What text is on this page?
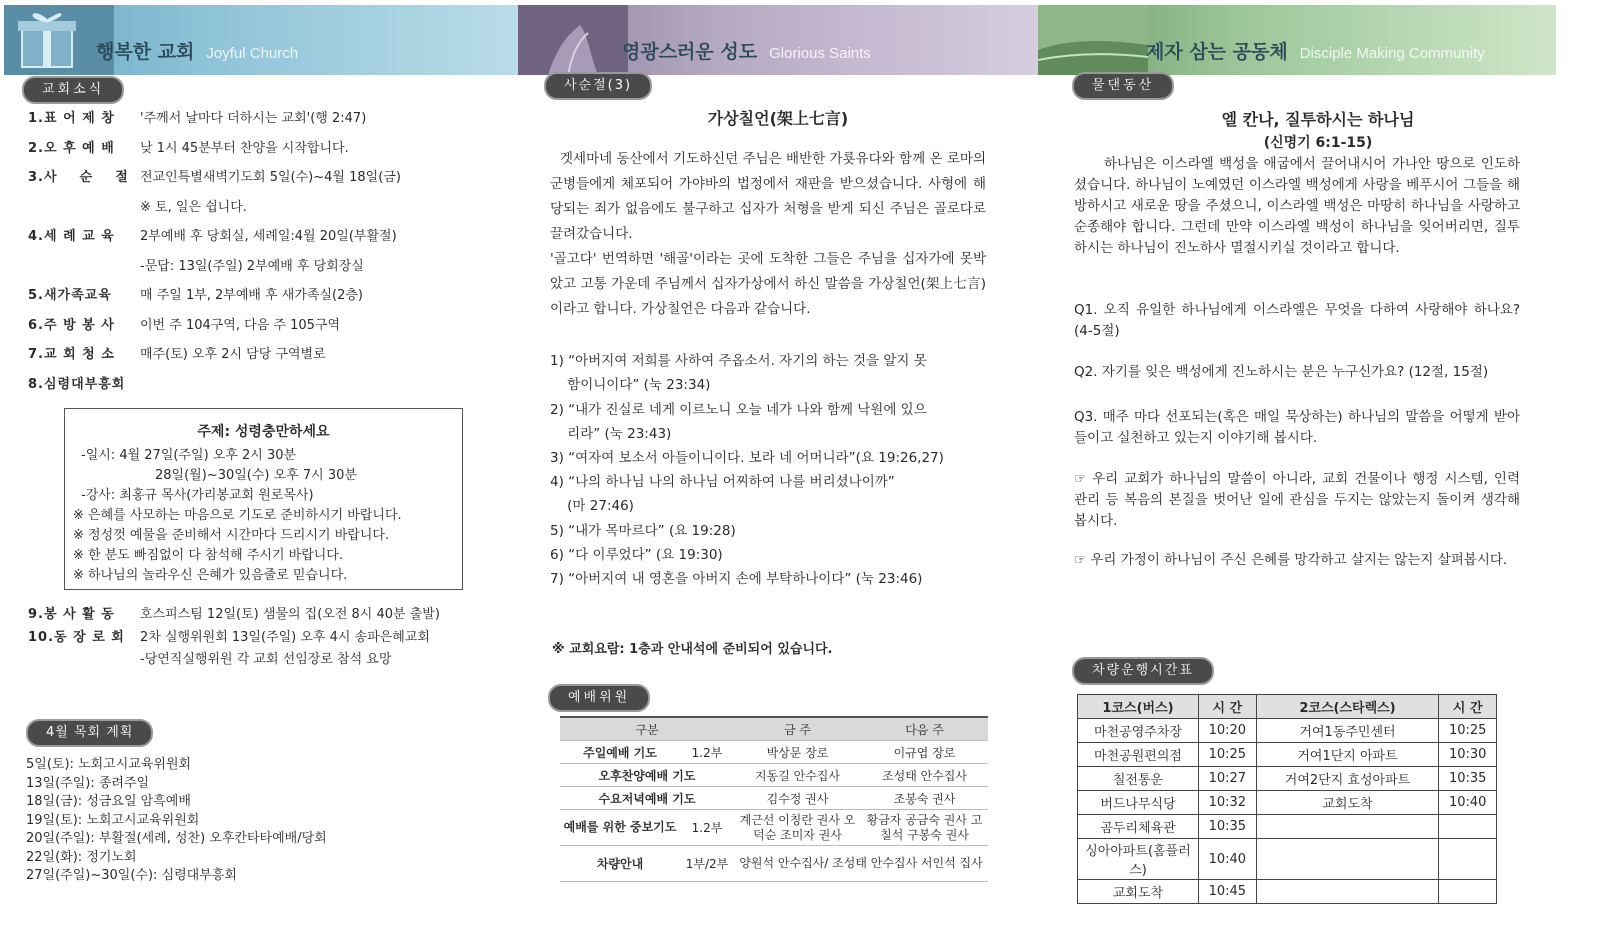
행복한 교회 Joyful Church
교회소식
1.표 어 제 창	'주께서 날마다 더하시는 교회'(행 2:47)
2.오 후 예 배	낮 1시 45분부터 찬양을 시작합니다.
3.사    순    절 전교인특별새벽기도회 5일(수)~4월 18일(금)
※ 토, 일은 쉽니다.
4.세 례 교 육	2부예배 후 당회실, 세례일:4월 20일(부활절)
-문답: 13일(주일) 2부예배 후 당회장실
5.새가족교육	매 주일 1부, 2부예배 후 새가족실(2층)
6.주 방 봉 사	이번 주 104구역, 다음 주 105구역
7.교 회 청 소	매주(토) 오후 2시 담당 구역별로
8.심령대부흥회
주제: 성령충만하세요
-일시: 4월 27일(주일) 오후 2시 30분
28일(월)~30일(수) 오후 7시 30분
-강사: 최홍규 목사(가리봉교회 원로목사)
※ 은혜를 사모하는 마음으로 기도로 준비하시기 바랍니다.
※ 정성껏 예물을 준비해서 시간마다 드리시기 바랍니다.
※ 한 분도 빠짐없이 다 참석해 주시기 바랍니다.
※ 하나님의 놀라우신 은혜가 있음줄로 믿습니다.
9.봉 사 활 동	호스피스팀 12일(토) 샘물의 집(오전 8시 40분 출발)
10.동 장 로 회	2차 실행위원회 13일(주일) 오후 4시 송파은혜교회
-당연직실행위원 각 교회 선임장로 참석 요망
4월 목회 계획
5일(토): 노회고시교육위원회
13일(주일): 종려주일
18일(금): 성금요일 암흑예배
19일(토): 노회고시교육위원회
20일(주일): 부활절(세례, 성찬) 오후칸타타예배/당회
22일(화): 정기노회
27일(주일)~30일(수): 심령대부흥회
영광스러운 성도 Glorious Saints
사순절(3)
가상칠언(架上七言)
겟세마네 동산에서 기도하신던 주님은 배반한 가룟유다와 함께 온 로마의 군병들에게 체포되어 가야바의 법정에서 재판을 받으셨습니다. 사형에 해당되는 죄가 없음에도 불구하고 십자가 처형을 받게 되신 주님은 골로다로 끌려갔습니다.
'골고다' 번역하면 '해골'이라는 곳에 도착한 그들은 주님을 십자가에 못박았고 고통 가운데 주님께서 십자가상에서 하신 말씀을 가상칠언(架上七言) 이라고 합니다. 가상칠언은 다음과 같습니다.
※ 교회요람: 1층과 안내석에 준비되어 있습니다.
예배위원
구분		금 주	다음 주
주일예배 기도	1.2부	박상문 장로	이규엽 장로
오후찬양예배 기도		지동길 안수집사	조성태 안수집사
수요저녁예배 기도		김수정 권사	조봉숙 권사
예배를 위한 중보기도	1.2부	계근선 이칭란 권사 오덕순 조미자 권사	황금자 공금숙 권사 고칠석 구봉숙 권사
차량안내	1부/2부	양원석 안수집사/ 조성태 안수집사 서인석 집사	
제자 삼는 공동체 Disciple Making Community
물댄동산
엘 칸나, 질투하시는 하나님
(신명기 6:1-15)
하나님은 이스라엘 백성을 애굽에서 끌어내시어 가나안 땅으로 인도하셨습니다. 하나님이 노예였던 이스라엘 백성에게 사랑을 베푸시어 그들을 해방하시고 새로운 땅을 주셨으니, 이스라엘 백성은 마땅히 하나님을 사랑하고 순종해야 합니다. 그런데 만약 이스라엘 백성이 하나님을 잊어버리면, 질투하시는 하나님이 진노하사 멸절시키실 것이라고 합니다.
Q1. 오직 유일한 하나님에게 이스라엘은 무엇을 다하여 사랑해야 하나요? (4-5절)
Q2. 자기를 잊은 백성에게 진노하시는 분은 누구신가요? (12절, 15절)
Q3. 매주 마다 선포되는(혹은 매일 묵상하는) 하나님의 말씀을 어떻게 받아들이고 실천하고 있는지 이야기해 봅시다.
☞ 우리 교회가 하나님의 말씀이 아니라, 교회 건물이나 행정 시스템, 인력 관리 등 복음의 본질을 벗어난 일에 관심을 두지는 않았는지 돌이켜 생각해봅시다.
☞ 우리 가정이 하나님이 주신 은혜를 망각하고 살지는 않는지 살펴봅시다.
차량운행시간표
1코스(버스)	시 간	2코스(스타렉스)	시 간
마천공영주차장	10:20	거여1동주민센터	10:25
마천공원편의점	10:25	거여1단지 아파트	10:30
칠전통운	10:27	거여2단지 효성아파트	10:35
버드나무식당	10:32	교회도착	10:40
곰두리체육관	10:35		
싱아아파트(홈플러스)	10:40		
교회도착	10:45		
1) “아버지여 저희를 사하여 주옵소서. 자기의 하는 것을 알지 못
함이니이다” (눅 23:34)
2) “내가 진실로 네게 이르노니 오늘 네가 나와 함께 낙원에 있으
리라” (눅 23:43)
3) “여자여 보소서 아들이니이다. 보라 네 어머니라”(요 19:26,27)
4) “나의 하나님 나의 하나님 어찌하여 나를 버리셨나이까”
(마 27:46)
5) “내가 목마르다” (요 19:28)
6) “다 이루었다” (요 19:30)
7) “아버지여 내 영혼을 아버지 손에 부탁하나이다” (눅 23:46)
